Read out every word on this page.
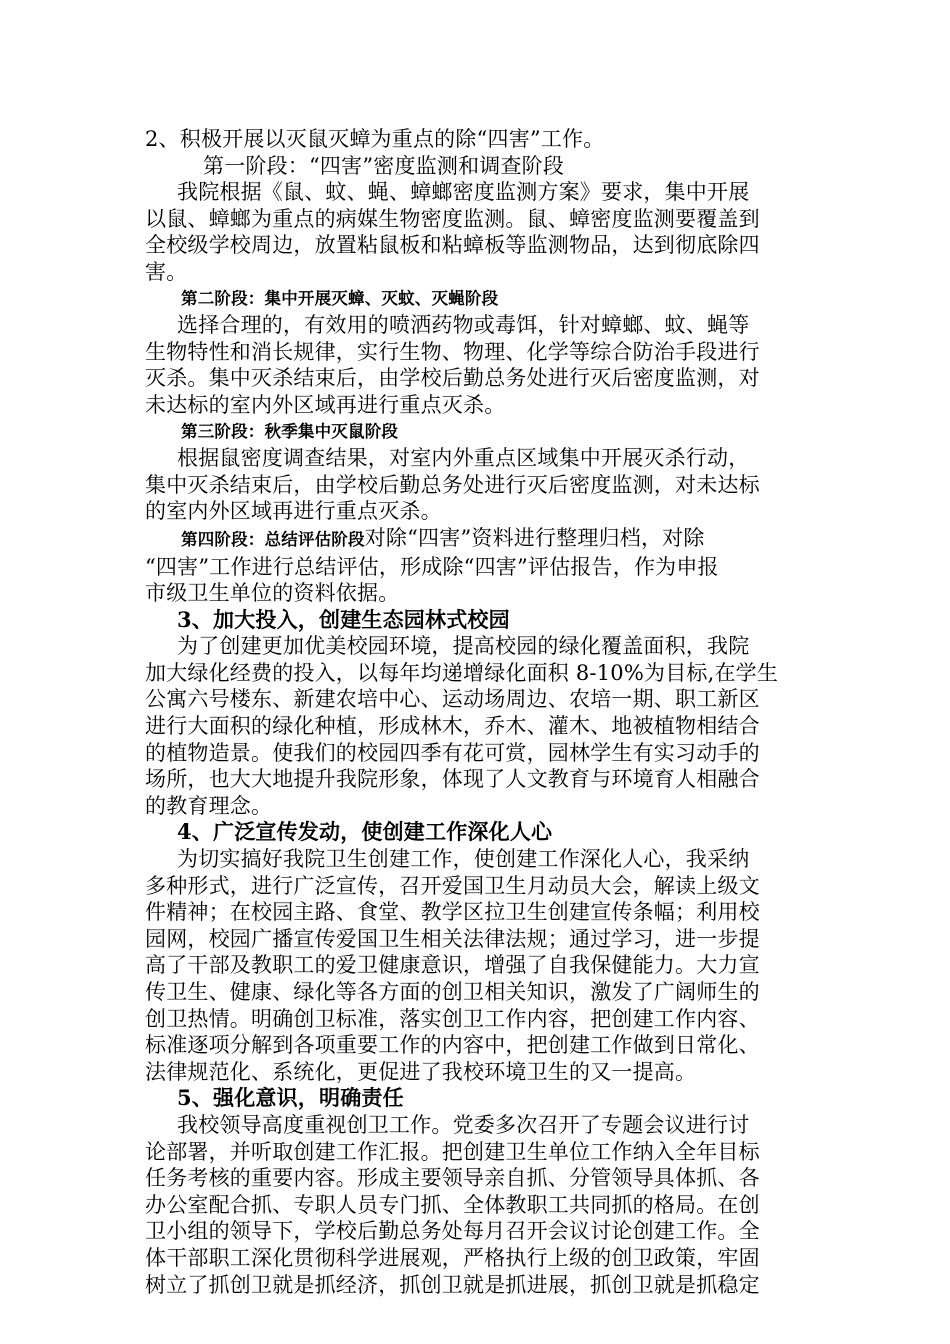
2、积极开展以灭鼠灭蟑为重点的除“四害”工作。
第一阶段：“四害”密度监测和调查阶段
我院根据《鼠、蚊、蝇、蟑螂密度监测方案》要求，集中开展
以鼠、蟑螂为重点的病媒生物密度监测。鼠、蟑密度监测要覆盖到
全校级学校周边，放置粘鼠板和粘蟑板等监测物品，达到彻底除四
害。
第二阶段：集中开展灭蟑、灭蚊、灭蝇阶段
选择合理的，有效用的喷洒药物或毒饵，针对蟑螂、蚊、蝇等
生物特性和消长规律，实行生物、物理、化学等综合防治手段进行
灭杀。集中灭杀结束后，由学校后勤总务处进行灭后密度监测，对
未达标的室内外区域再进行重点灭杀。
第三阶段：秋季集中灭鼠阶段
根据鼠密度调查结果，对室内外重点区域集中开展灭杀行动，
集中灭杀结束后，由学校后勤总务处进行灭后密度监测，对未达标
的室内外区域再进行重点灭杀。
第四阶段：总结评估阶段对除“四害”资料进行整理归档，对除
“四害”工作进行总结评估，形成除“四害”评估报告，作为申报
市级卫生单位的资料依据。
3、加大投入，创建生态园林式校园
为了创建更加优美校园环境，提高校园的绿化覆盖面积，我院
加大绿化经费的投入，以每年均递增绿化面积 8-10%为目标,在学生
公寓六号楼东、新建农培中心、运动场周边、农培一期、职工新区
进行大面积的绿化种植，形成林木，乔木、灌木、地被植物相结合
的植物造景。使我们的校园四季有花可赏，园林学生有实习动手的
场所，也大大地提升我院形象，体现了人文教育与环境育人相融合
的教育理念。
4、广泛宣传发动，使创建工作深化人心
为切实搞好我院卫生创建工作，使创建工作深化人心，我采纳
多种形式，进行广泛宣传，召开爱国卫生月动员大会，解读上级文
件精神；在校园主路、食堂、教学区拉卫生创建宣传条幅；利用校
园网，校园广播宣传爱国卫生相关法律法规；通过学习，进一步提
高了干部及教职工的爱卫健康意识，增强了自我保健能力。大力宣
传卫生、健康、绿化等各方面的创卫相关知识，激发了广阔师生的
创卫热情。明确创卫标准，落实创卫工作内容，把创建工作内容、
标准逐项分解到各项重要工作的内容中，把创建工作做到日常化、
法律规范化、系统化，更促进了我校环境卫生的又一提高。
5、强化意识，明确责任
我校领导高度重视创卫工作。党委多次召开了专题会议进行讨
论部署，并听取创建工作汇报。把创建卫生单位工作纳入全年目标
任务考核的重要内容。形成主要领导亲自抓、分管领导具体抓、各
办公室配合抓、专职人员专门抓、全体教职工共同抓的格局。在创
卫小组的领导下，学校后勤总务处每月召开会议讨论创建工作。全
体干部职工深化贯彻科学进展观，严格执行上级的创卫政策，牢固
树立了抓创卫就是抓经济，抓创卫就是抓进展，抓创卫就是抓稳定
